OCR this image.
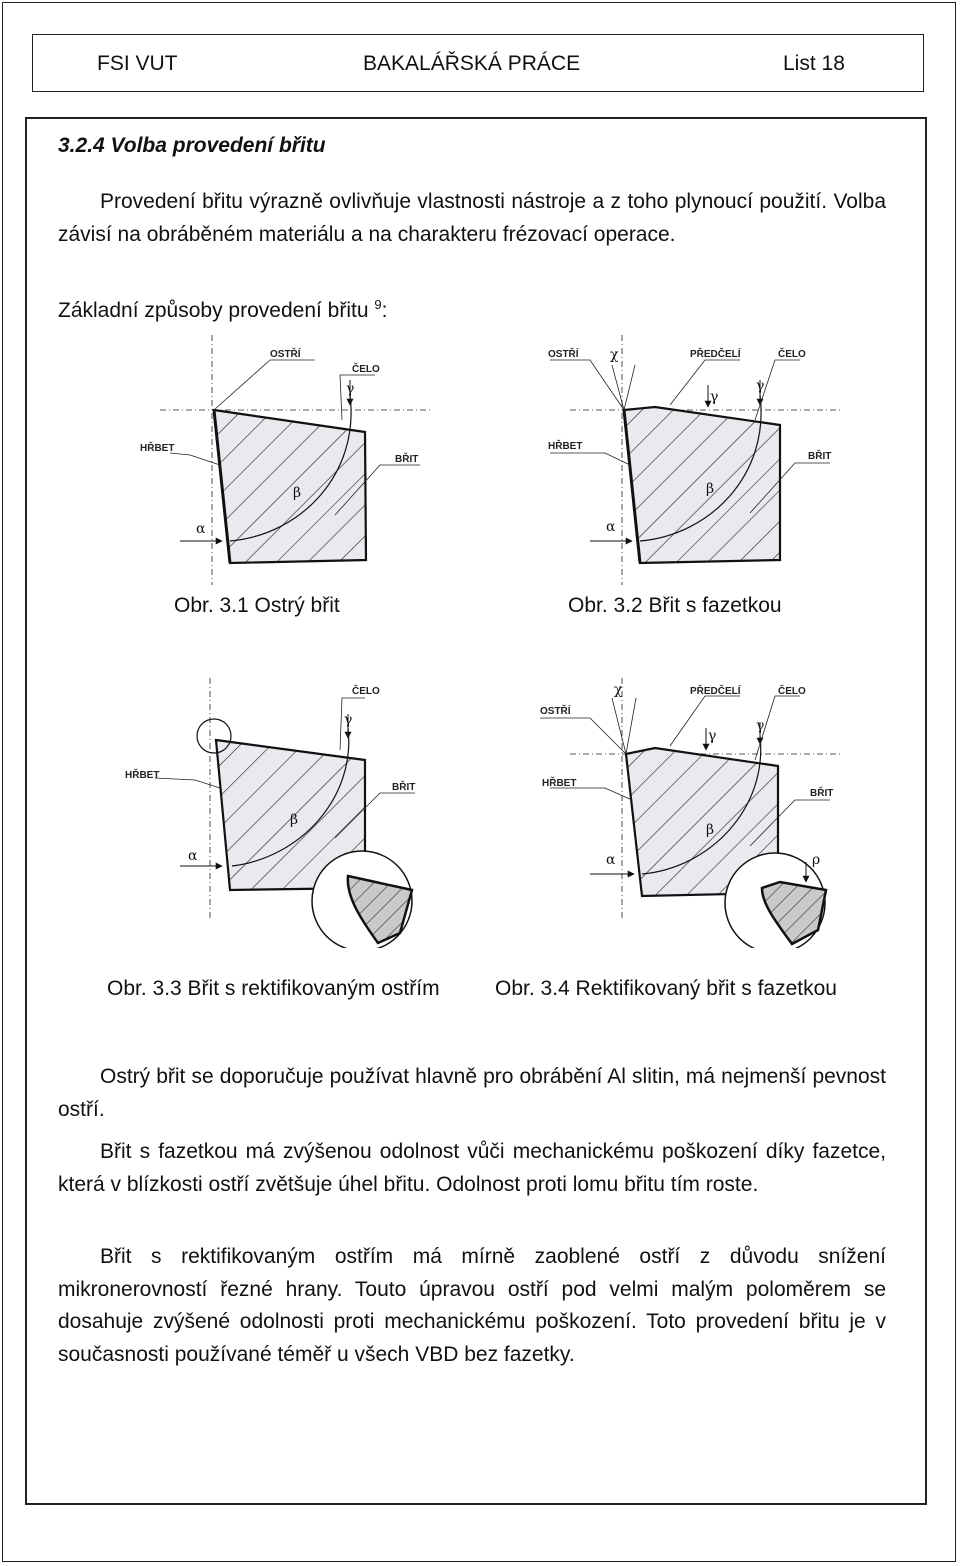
FSI VUT	BAKALÁŘSKÁ PRÁCE	List 18
3.2.4 Volba provedení břitu

Provedení břitu výrazně ovlivňuje vlastnosti nástroje a z toho plynoucí použití. Volba závisí na obráběném materiálu a na charakteru frézovací operace.

Základní způsoby provedení břitu $^9$:
OSTŘÍ
ČELO
HŘBET
BŘIT
γ
β
α
Obr. 3.1 Ostrý břit
OSTŘÍ	PŘEDČELÍ	ČELO
HŘBET
BŘIT
χ
γ
γ
β
α
Obr. 3.2 Břit s fazetkou
ČELO
HŘBET
BŘIT
γ
β
α
Obr. 3.3 Břit s rektifikovaným ostřím
OSTŘÍ
PŘEDČELÍ	ČELO
HŘBET
BŘIT
χ
γ
γ
β
α	ρ
Obr. 3.4 Rektifikovaný břit s fazetkou

Ostrý břit se doporučuje používat hlavně pro obrábění Al slitin, má nejmenší pevnost ostří.

Břit s fazetkou má zvýšenou odolnost vůči mechanickému poškození díky fazetce, která v blízkosti ostří zvětšuje úhel břitu. Odolnost proti lomu břitu tím roste.

Břit s rektifikovaným ostřím má mírně zaoblené ostří z důvodu snížení mikronerovností řezné hrany. Touto úpravou ostří pod velmi malým poloměrem se dosahuje zvýšené odolnosti proti mechanickému poškození. Toto provedení břitu je v současnosti používané téměř u všech VBD bez fazetky.
